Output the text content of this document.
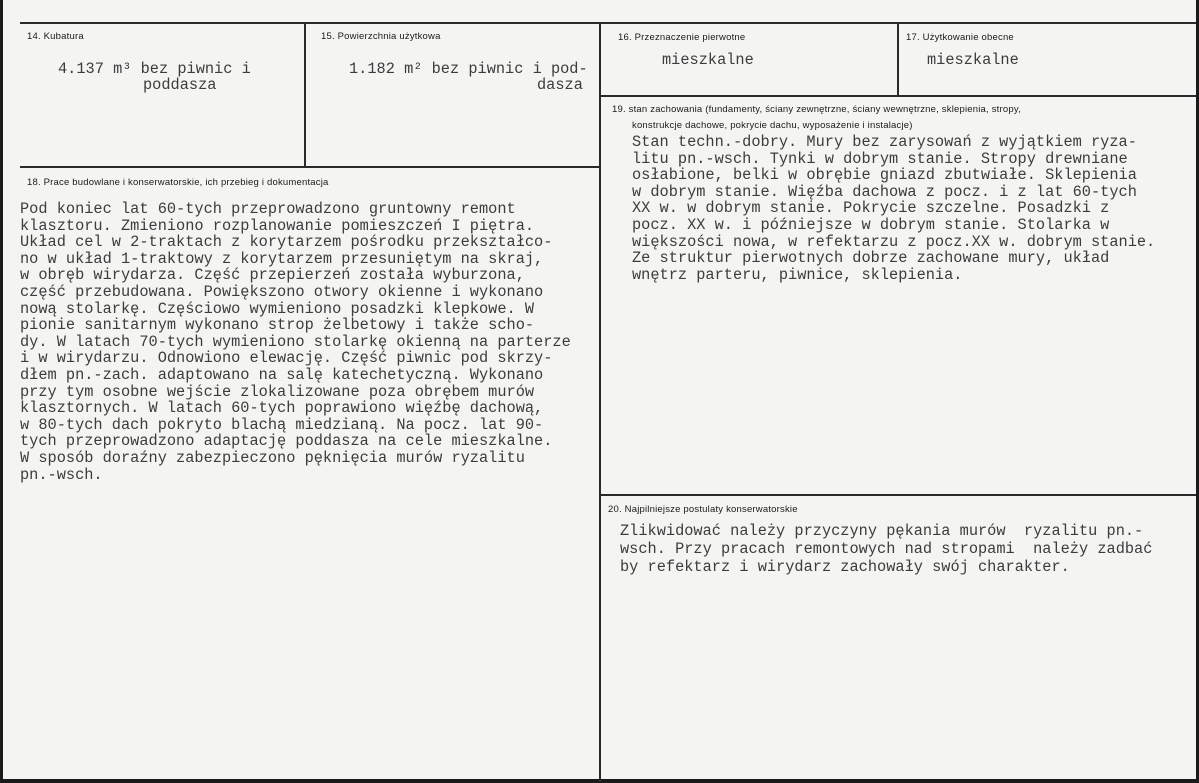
14. Kubatura
4.137 m³ bez piwnic i
poddasza
15. Powierzchnia użytkowa
1.182 m² bez piwnic i pod-
dasza
16. Przeznaczenie pierwotne
mieszkalne
17. Użytkowanie obecne
mieszkalne
18. Prace budowlane i konserwatorskie, ich przebieg i dokumentacja
Pod koniec lat 60-tych przeprowadzono gruntowny remont
klasztoru. Zmieniono rozplanowanie pomieszczeń I piętra.
Układ cel w 2-traktach z korytarzem pośrodku przekształco-
no w układ 1-traktowy z korytarzem przesuniętym na skraj,
w obręb wirydarza. Część przepierzeń została wyburzona,
część przebudowana. Powiększono otwory okienne i wykonano
nową stolarkę. Częściowo wymieniono posadzki klepkowe. W
pionie sanitarnym wykonano strop żelbetowy i także scho-
dy. W latach 70-tych wymieniono stolarkę okienną na parterze
i w wirydarzu. Odnowiono elewację. Część piwnic pod skrzy-
dłem pn.-zach. adaptowano na salę katechetyczną. Wykonano
przy tym osobne wejście zlokalizowane poza obrębem murów
klasztornych. W latach 60-tych poprawiono więźbę dachową,
w 80-tych dach pokryto blachą miedzianą. Na pocz. lat 90-
tych przeprowadzono adaptację poddasza na cele mieszkalne.
W sposób doraźny zabezpieczono pęknięcia murów ryzalitu
pn.-wsch.
19. stan zachowania (fundamenty, ściany zewnętrzne, ściany wewnętrzne, sklepienia, stropy,
konstrukcje dachowe, pokrycie dachu, wyposażenie i instalacje)
Stan techn.-dobry. Mury bez zarysowań z wyjątkiem ryza-
litu pn.-wsch. Tynki w dobrym stanie. Stropy drewniane
osłabione, belki w obrębie gniazd zbutwiałe. Sklepienia
w dobrym stanie. Więźba dachowa z pocz. i z lat 60-tych
XX w. w dobrym stanie. Pokrycie szczelne. Posadzki z
pocz. XX w. i późniejsze w dobrym stanie. Stolarka w
większości nowa, w refektarzu z pocz.XX w. dobrym stanie.
Ze struktur pierwotnych dobrze zachowane mury, układ
wnętrz parteru, piwnice, sklepienia.
20. Najpilniejsze postulaty konserwatorskie
Zlikwidować należy przyczyny pękania murów  ryzalitu pn.-
wsch. Przy pracach remontowych nad stropami  należy zadbać
by refektarz i wirydarz zachowały swój charakter.
